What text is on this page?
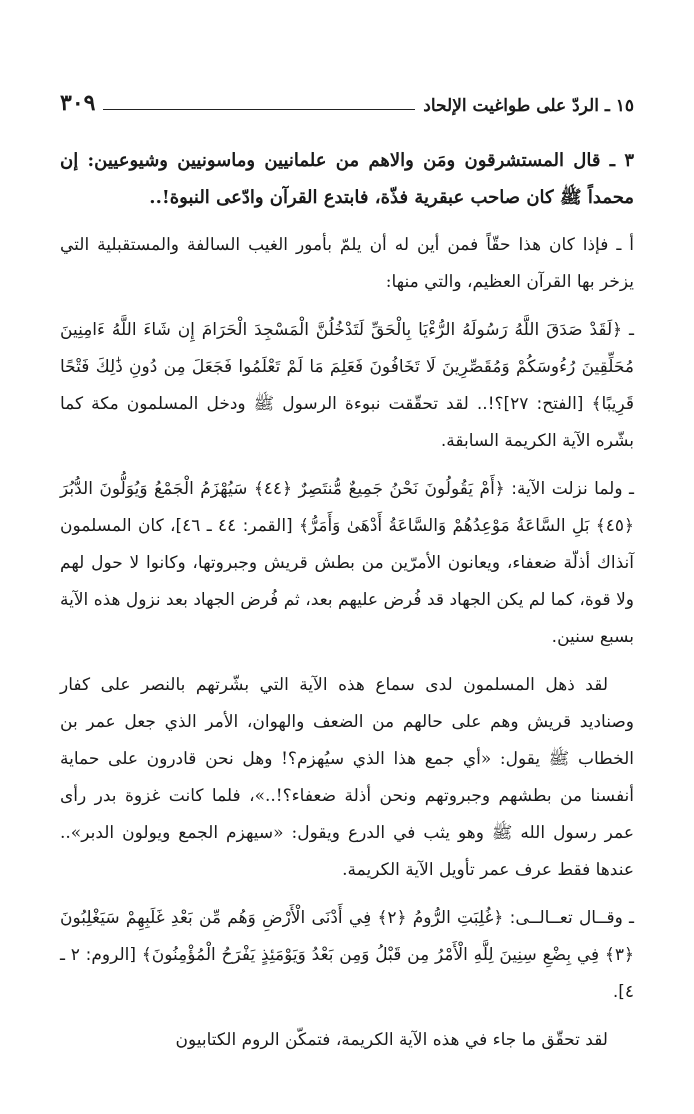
١٥ ـ الردّ على طواغيت الإلحاد
٣٠٩

٣ ـ قال المستشرقون ومَن والاهم من علمانيين وماسونيين وشيوعيين: إن محمداً ﷺ كان صاحب عبقرية فذّة، فابتدع القرآن وادّعى النبوة!..

أ ـ فإذا كان هذا حقّاً فمن أين له أن يلمّ بأمور الغيب السالفة والمستقبلية التي يزخر بها القرآن العظيم، والتي منها:

ـ ﴿لَقَدْ صَدَقَ اللَّهُ رَسُولَهُ الرُّءْيَا بِالْحَقِّ لَتَدْخُلُنَّ الْمَسْجِدَ الْحَرَامَ إِن شَاءَ اللَّهُ ءَامِنِينَ مُحَلِّقِينَ رُءُوسَكُمْ وَمُقَصِّرِينَ لَا تَخَافُونَ فَعَلِمَ مَا لَمْ تَعْلَمُوا فَجَعَلَ مِن دُونِ ذَٰلِكَ فَتْحًا قَرِيبًا﴾ [الفتح: ٢٧]؟!.. لقد تحقّقت نبوءة الرسول ﷺ ودخل المسلمون مكة كما بشّره الآية الكريمة السابقة.

ـ ولما نزلت الآية: ﴿أَمْ يَقُولُونَ نَحْنُ جَمِيعٌ مُّنتَصِرٌ ﴿٤٤﴾ سَيُهْزَمُ الْجَمْعُ وَيُوَلُّونَ الدُّبُرَ ﴿٤٥﴾ بَلِ السَّاعَةُ مَوْعِدُهُمْ وَالسَّاعَةُ أَدْهَىٰ وَأَمَرُّ﴾ [القمر: ٤٤ ـ ٤٦]، كان المسلمون آنذاك أذلّة ضعفاء، ويعانون الأمرّين من بطش قريش وجبروتها، وكانوا لا حول لهم ولا قوة، كما لم يكن الجهاد قد فُرض عليهم بعد، ثم فُرض الجهاد بعد نزول هذه الآية بسبع سنين.

لقد ذهل المسلمون لدى سماع هذه الآية التي بشّرتهم بالنصر على كفار وصناديد قريش وهم على حالهم من الضعف والهوان، الأمر الذي جعل عمر بن الخطاب ﷺ يقول: «أي جمع هذا الذي سيُهزم؟! وهل نحن قادرون على حماية أنفسنا من بطشهم وجبروتهم ونحن أذلة ضعفاء؟!..»، فلما كانت غزوة بدر رأى عمر رسول الله ﷺ وهو يثب في الدرع ويقول: «سيهزم الجمع ويولون الدبر».. عندها فقط عرف عمر تأويل الآية الكريمة.

ـ وقــال تعــالــى: ﴿غُلِبَتِ الرُّومُ ﴿٢﴾ فِي أَدْنَى الْأَرْضِ وَهُم مِّن بَعْدِ غَلَبِهِمْ سَيَغْلِبُونَ ﴿٣﴾ فِي بِضْعِ سِنِينَ لِلَّهِ الْأَمْرُ مِن قَبْلُ وَمِن بَعْدُ وَيَوْمَئِذٍ يَفْرَحُ الْمُؤْمِنُونَ﴾ [الروم: ٢ ـ ٤].

لقد تحقّق ما جاء في هذه الآية الكريمة، فتمكّن الروم الكتابيون
